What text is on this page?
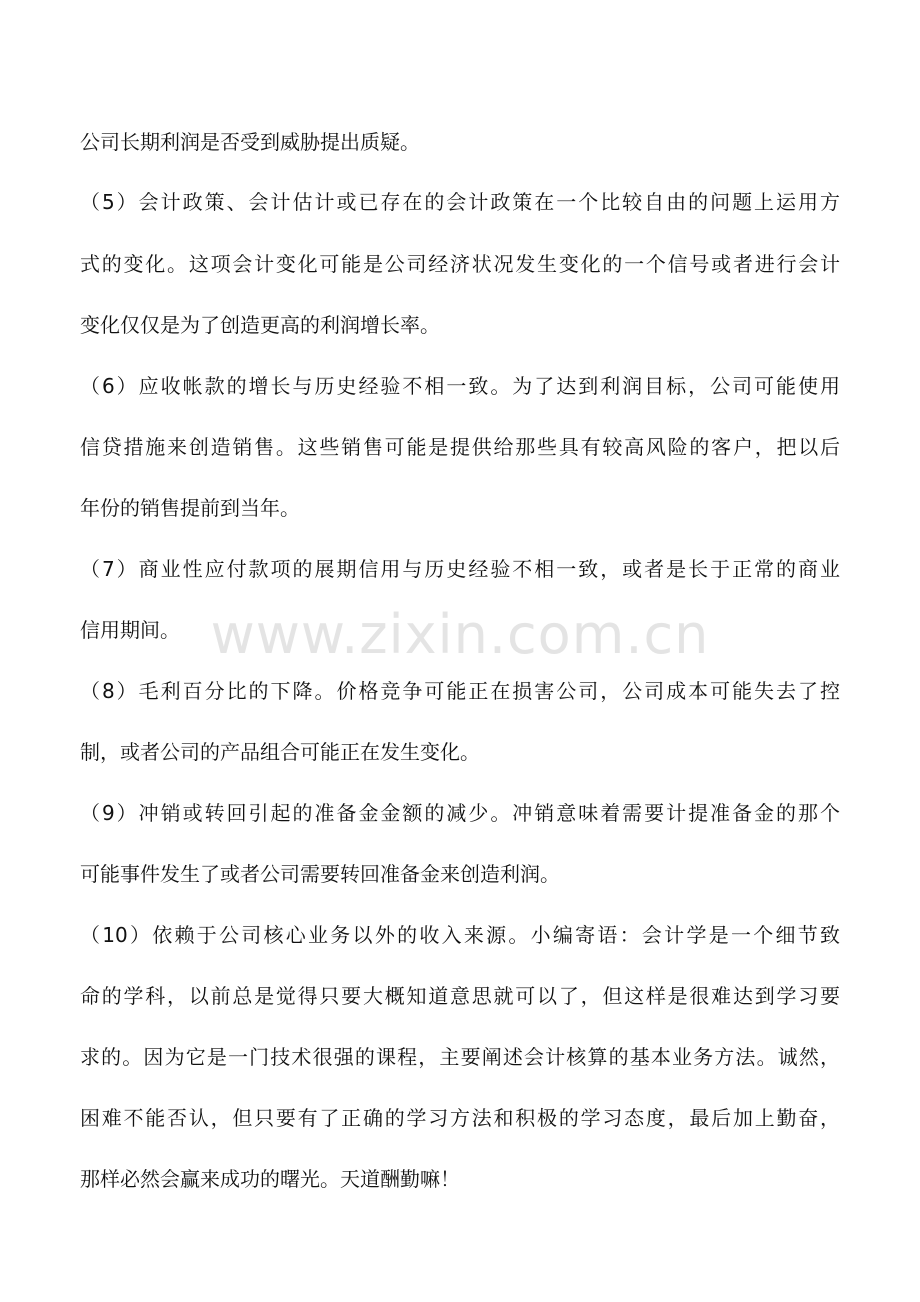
公司长期利润是否受到威胁提出质疑。

（5）会计政策、会计估计或已存在的会计政策在一个比较自由的问题上运用方

式的变化。这项会计变化可能是公司经济状况发生变化的一个信号或者进行会计

变化仅仅是为了创造更高的利润增长率。

（6）应收帐款的增长与历史经验不相一致。为了达到利润目标，公司可能使用

信贷措施来创造销售。这些销售可能是提供给那些具有较高风险的客户，把以后

年份的销售提前到当年。

（7）商业性应付款项的展期信用与历史经验不相一致，或者是长于正常的商业

信用期间。

（8）毛利百分比的下降。价格竞争可能正在损害公司，公司成本可能失去了控

制，或者公司的产品组合可能正在发生变化。

（9）冲销或转回引起的准备金金额的减少。冲销意味着需要计提准备金的那个

可能事件发生了或者公司需要转回准备金来创造利润。

（10）依赖于公司核心业务以外的收入来源。小编寄语：会计学是一个细节致

命的学科，以前总是觉得只要大概知道意思就可以了，但这样是很难达到学习要

求的。因为它是一门技术很强的课程，主要阐述会计核算的基本业务方法。诚然，

困难不能否认，但只要有了正确的学习方法和积极的学习态度，最后加上勤奋，

那样必然会赢来成功的曙光。天道酬勤嘛！

www.zixin.com.cn
